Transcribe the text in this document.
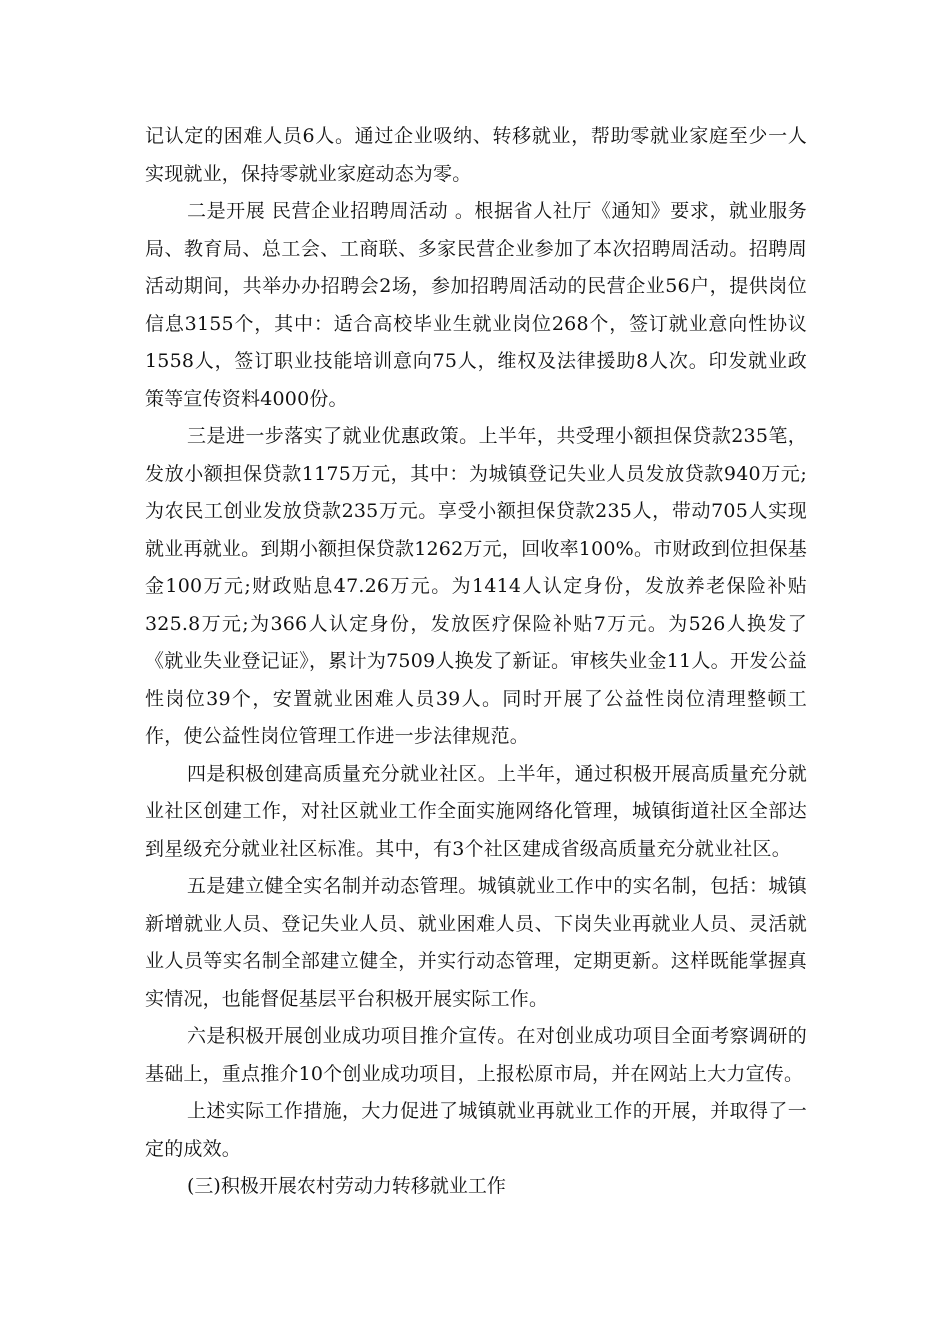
记认定的困难人员6人。通过企业吸纳、转移就业，帮助零就业家庭至少一人实现就业，保持零就业家庭动态为零。

二是开展 民营企业招聘周活动 。根据省人社厅《通知》要求，就业服务局、教育局、总工会、工商联、多家民营企业参加了本次招聘周活动。招聘周活动期间，共举办办招聘会2场，参加招聘周活动的民营企业56户，提供岗位信息3155个，其中：适合高校毕业生就业岗位268个，签订就业意向性协议1558人，签订职业技能培训意向75人，维权及法律援助8人次。印发就业政策等宣传资料4000份。

三是进一步落实了就业优惠政策。上半年，共受理小额担保贷款235笔，发放小额担保贷款1175万元，其中：为城镇登记失业人员发放贷款940万元;为农民工创业发放贷款235万元。享受小额担保贷款235人，带动705人实现就业再就业。到期小额担保贷款1262万元，回收率100%。市财政到位担保基金100万元;财政贴息47.26万元。为1414人认定身份，发放养老保险补贴325.8万元;为366人认定身份，发放医疗保险补贴7万元。为526人换发了《就业失业登记证》，累计为7509人换发了新证。审核失业金11人。开发公益性岗位39个，安置就业困难人员39人。同时开展了公益性岗位清理整顿工作，使公益性岗位管理工作进一步法律规范。

四是积极创建高质量充分就业社区。上半年，通过积极开展高质量充分就业社区创建工作，对社区就业工作全面实施网络化管理，城镇街道社区全部达到星级充分就业社区标准。其中，有3个社区建成省级高质量充分就业社区。

五是建立健全实名制并动态管理。城镇就业工作中的实名制，包括：城镇新增就业人员、登记失业人员、就业困难人员、下岗失业再就业人员、灵活就业人员等实名制全部建立健全，并实行动态管理，定期更新。这样既能掌握真实情况，也能督促基层平台积极开展实际工作。

六是积极开展创业成功项目推介宣传。在对创业成功项目全面考察调研的基础上，重点推介10个创业成功项目，上报松原市局，并在网站上大力宣传。

上述实际工作措施，大力促进了城镇就业再就业工作的开展，并取得了一定的成效。

(三)积极开展农村劳动力转移就业工作
